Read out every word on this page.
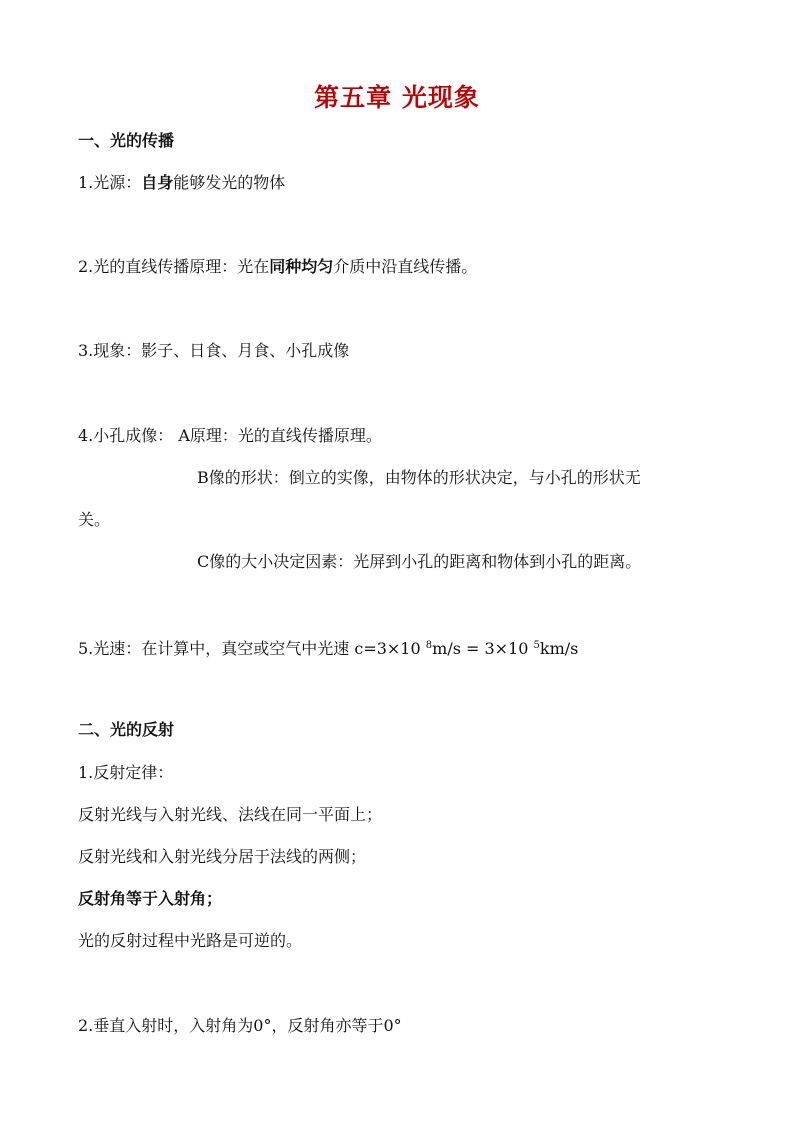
第五章 光现象
一、光的传播
1.光源：自身能够发光的物体
2.光的直线传播原理：光在同种均匀介质中沿直线传播。
3.现象：影子、日食、月食、小孔成像
4.小孔成像： A原理：光的直线传播原理。
B像的形状：倒立的实像，由物体的形状决定，与小孔的形状无
关。
C像的大小决定因素：光屏到小孔的距离和物体到小孔的距离。
5.光速：在计算中，真空或空气中光速 c=3×10 $^8$m/s = 3×10 $^5$km/s
二、光的反射
1.反射定律：
反射光线与入射光线、法线在同一平面上；
反射光线和入射光线分居于法线的两侧；
反射角等于入射角；
光的反射过程中光路是可逆的。
2.垂直入射时，入射角为0°，反射角亦等于0°
